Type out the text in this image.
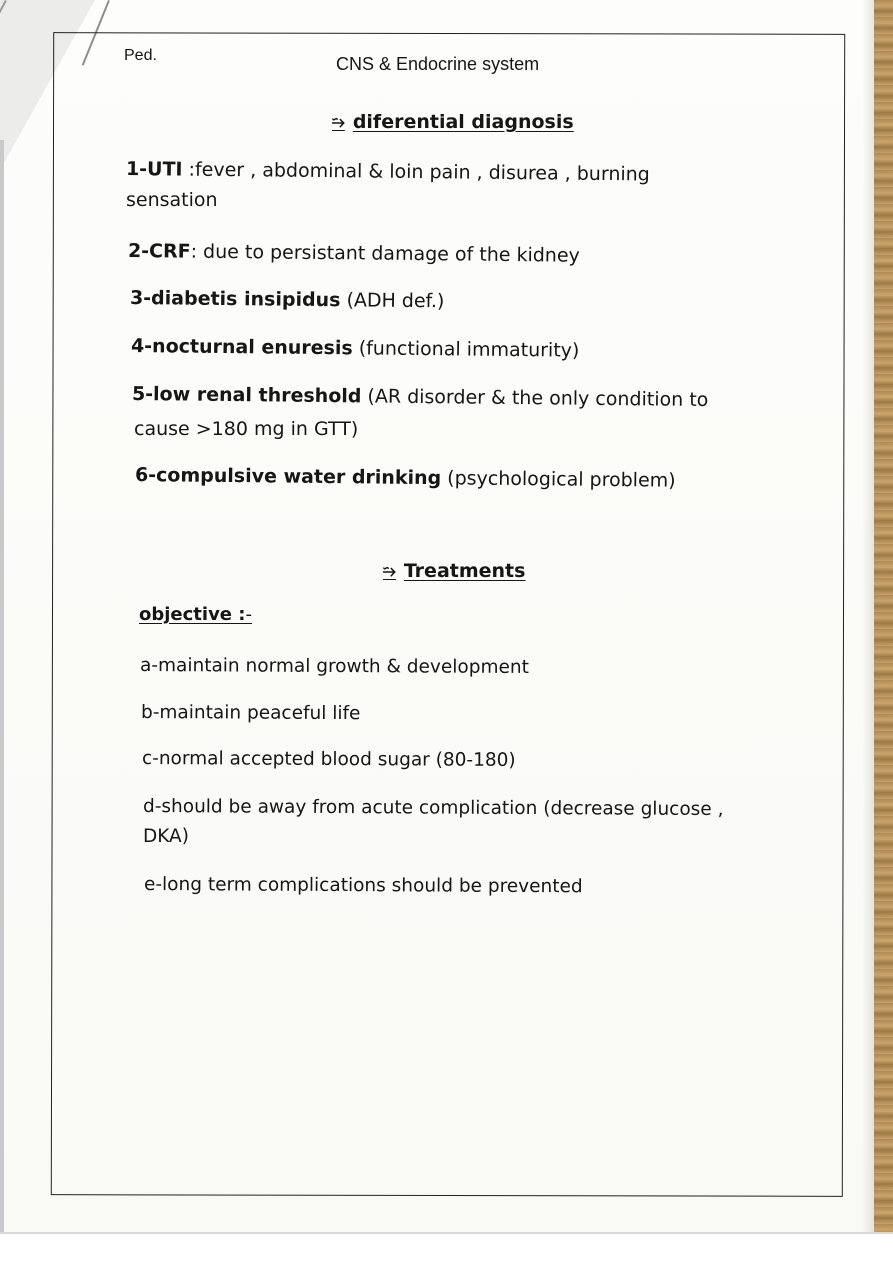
Ped.	CNS & Endocrine system
⭇ diferential diagnosis
1-UTI :fever , abdominal & loin pain , disurea , burning
sensation
2-CRF: due to persistant damage of the kidney
3-diabetis insipidus (ADH def.)
4-nocturnal enuresis (functional immaturity)
5-low renal threshold (AR disorder & the only condition to
cause >180 mg in GTT)
6-compulsive water drinking (psychological problem)
⭇ Treatments
objective :-
a-maintain normal growth & development
b-maintain peaceful life
c-normal accepted blood sugar (80-180)
d-should be away from acute complication (decrease glucose ,
DKA)
e-long term complications should be prevented
